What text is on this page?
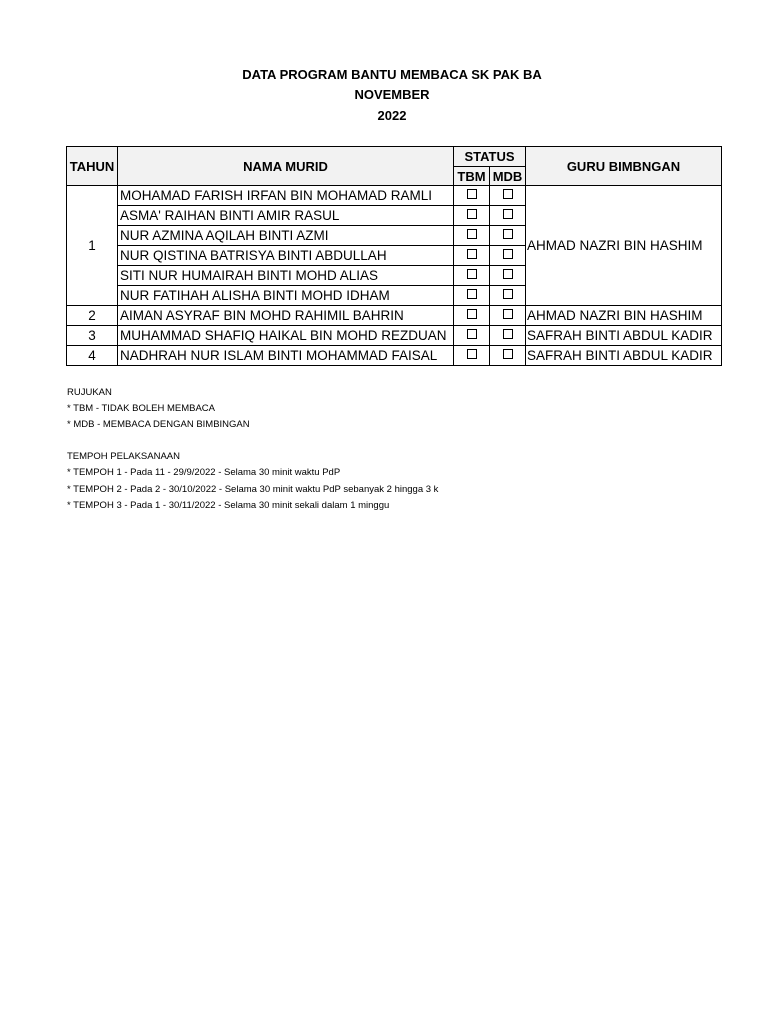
DATA PROGRAM BANTU MEMBACA SK PAK BA
NOVEMBER
2022
TAHUN	NAMA MURID	STATUS		GURU BIMBNGAN
		TBM	MDB	
1	MOHAMAD FARISH IRFAN BIN MOHAMAD RAMLI			AHMAD NAZRI BIN HASHIM
	ASMA' RAIHAN BINTI AMIR RASUL			
	NUR AZMINA AQILAH BINTI AZMI			
	NUR QISTINA BATRISYA BINTI ABDULLAH			
	SITI NUR HUMAIRAH BINTI MOHD ALIAS			
	NUR FATIHAH ALISHA BINTI MOHD IDHAM			
2	AIMAN ASYRAF BIN MOHD RAHIMIL BAHRIN			AHMAD NAZRI BIN HASHIM
3	MUHAMMAD SHAFIQ HAIKAL BIN MOHD REZDUAN			SAFRAH BINTI ABDUL KADIR
4	NADHRAH NUR ISLAM BINTI MOHAMMAD FAISAL			SAFRAH BINTI ABDUL KADIR
RUJUKAN
* TBM - TIDAK BOLEH MEMBACA
* MDB - MEMBACA DENGAN BIMBINGAN
TEMPOH PELAKSANAAN
* TEMPOH 1 - Pada 11 - 29/9/2022 - Selama 30 minit waktu PdP
* TEMPOH 2 - Pada 2 - 30/10/2022 - Selama 30 minit waktu PdP sebanyak 2 hingga 3 k
* TEMPOH 3 - Pada 1 - 30/11/2022 - Selama 30 minit sekali dalam 1 minggu
